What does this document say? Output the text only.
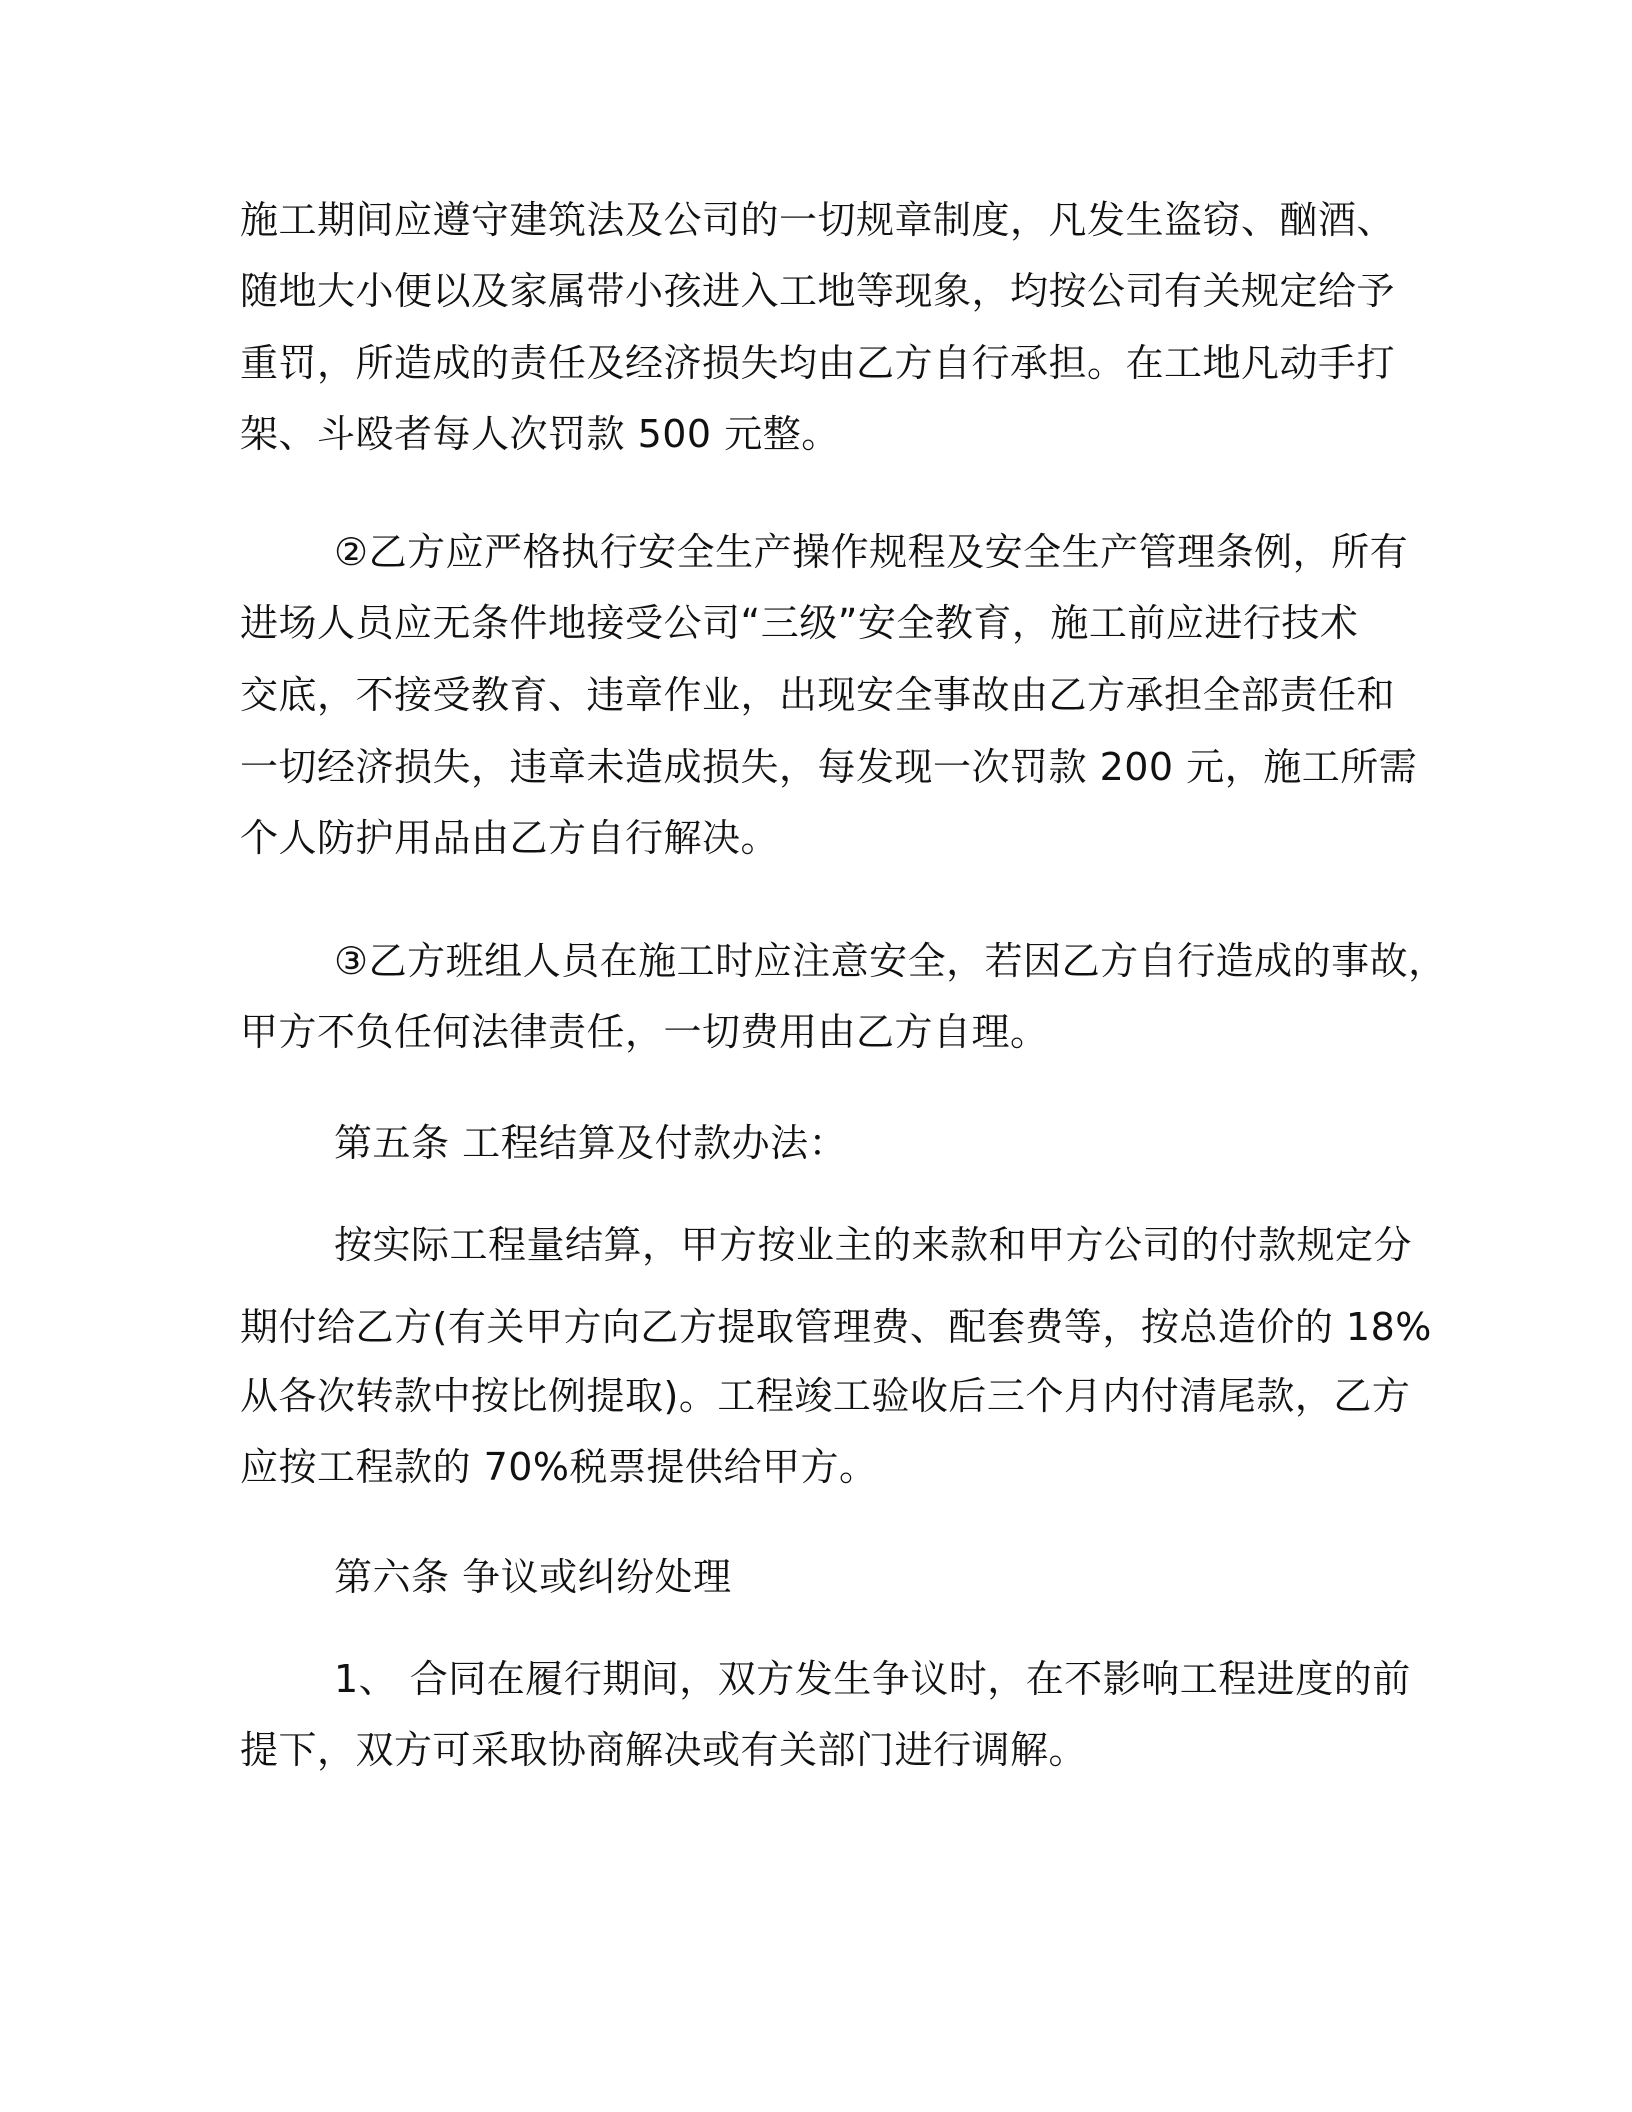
施工期间应遵守建筑法及公司的一切规章制度，凡发生盗窃、酗酒、
随地大小便以及家属带小孩进入工地等现象，均按公司有关规定给予
重罚，所造成的责任及经济损失均由乙方自行承担。在工地凡动手打
架、斗殴者每人次罚款 500 元整。

②乙方应严格执行安全生产操作规程及安全生产管理条例，所有
进场人员应无条件地接受公司“三级”安全教育，施工前应进行技术
交底，不接受教育、违章作业，出现安全事故由乙方承担全部责任和
一切经济损失，违章未造成损失，每发现一次罚款 200 元，施工所需
个人防护用品由乙方自行解决。

③乙方班组人员在施工时应注意安全，若因乙方自行造成的事故，
甲方不负任何法律责任，一切费用由乙方自理。

第五条 工程结算及付款办法：

按实际工程量结算，甲方按业主的来款和甲方公司的付款规定分
期付给乙方(有关甲方向乙方提取管理费、配套费等，按总造价的 18%
从各次转款中按比例提取)。工程竣工验收后三个月内付清尾款，乙方
应按工程款的 70%税票提供给甲方。

第六条 争议或纠纷处理

1、 合同在履行期间，双方发生争议时，在不影响工程进度的前
提下，双方可采取协商解决或有关部门进行调解。
